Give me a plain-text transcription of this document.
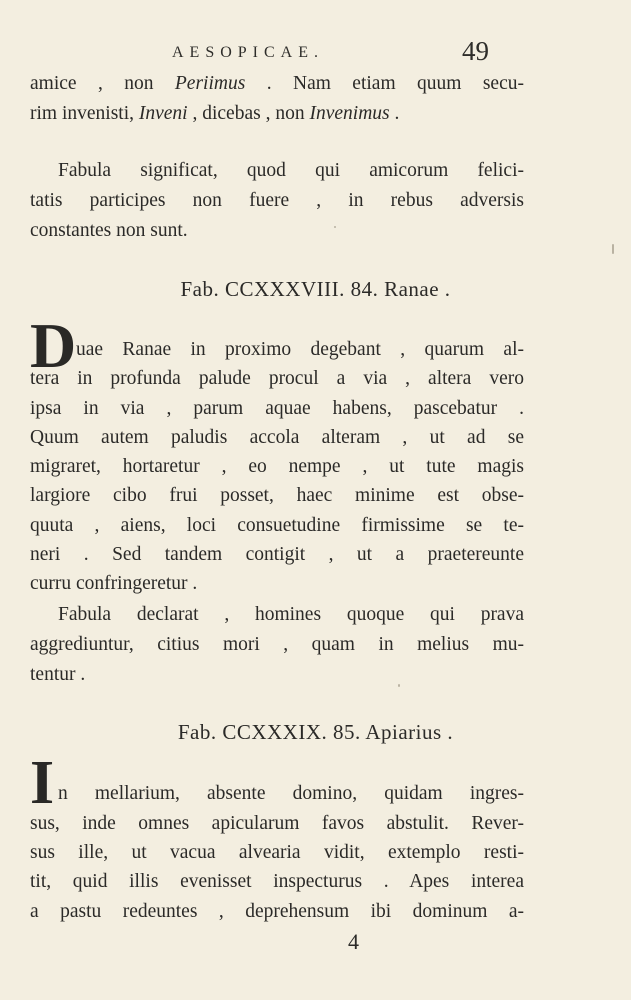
AESOPICAE.	49
amice , non Periimus . Nam etiam quum secu-
rim invenisti, Inveni , dicebas , non Invenimus .
Fabula significat, quod qui amicorum felici-
tatis participes non fuere , in rebus adversis
constantes non sunt.
Fab. CCXXXVIII. 84. Ranae .
D uae Ranae in proximo degebant , quarum al-
tera in profunda palude procul a via , altera vero
ipsa in via , parum aquae habens, pascebatur .
Quum autem paludis accola alteram , ut ad se
migraret, hortaretur , eo nempe , ut tute magis
largiore cibo frui posset, haec minime est obse-
quuta , aiens, loci consuetudine firmissime se te-
neri . Sed tandem contigit , ut a praetereunte
curru confringeretur .
Fabula declarat , homines quoque qui prava
aggrediuntur, citius mori , quam in melius mu-
tentur .
Fab. CCXXXIX. 85. Apiarius .
I n mellarium, absente domino, quidam ingres-
sus, inde omnes apicularum favos abstulit. Rever-
sus ille, ut vacua alvearia vidit, extemplo resti-
tit, quid illis evenisset inspecturus . Apes interea
a pastu redeuntes , deprehensum ibi dominum a-
4
